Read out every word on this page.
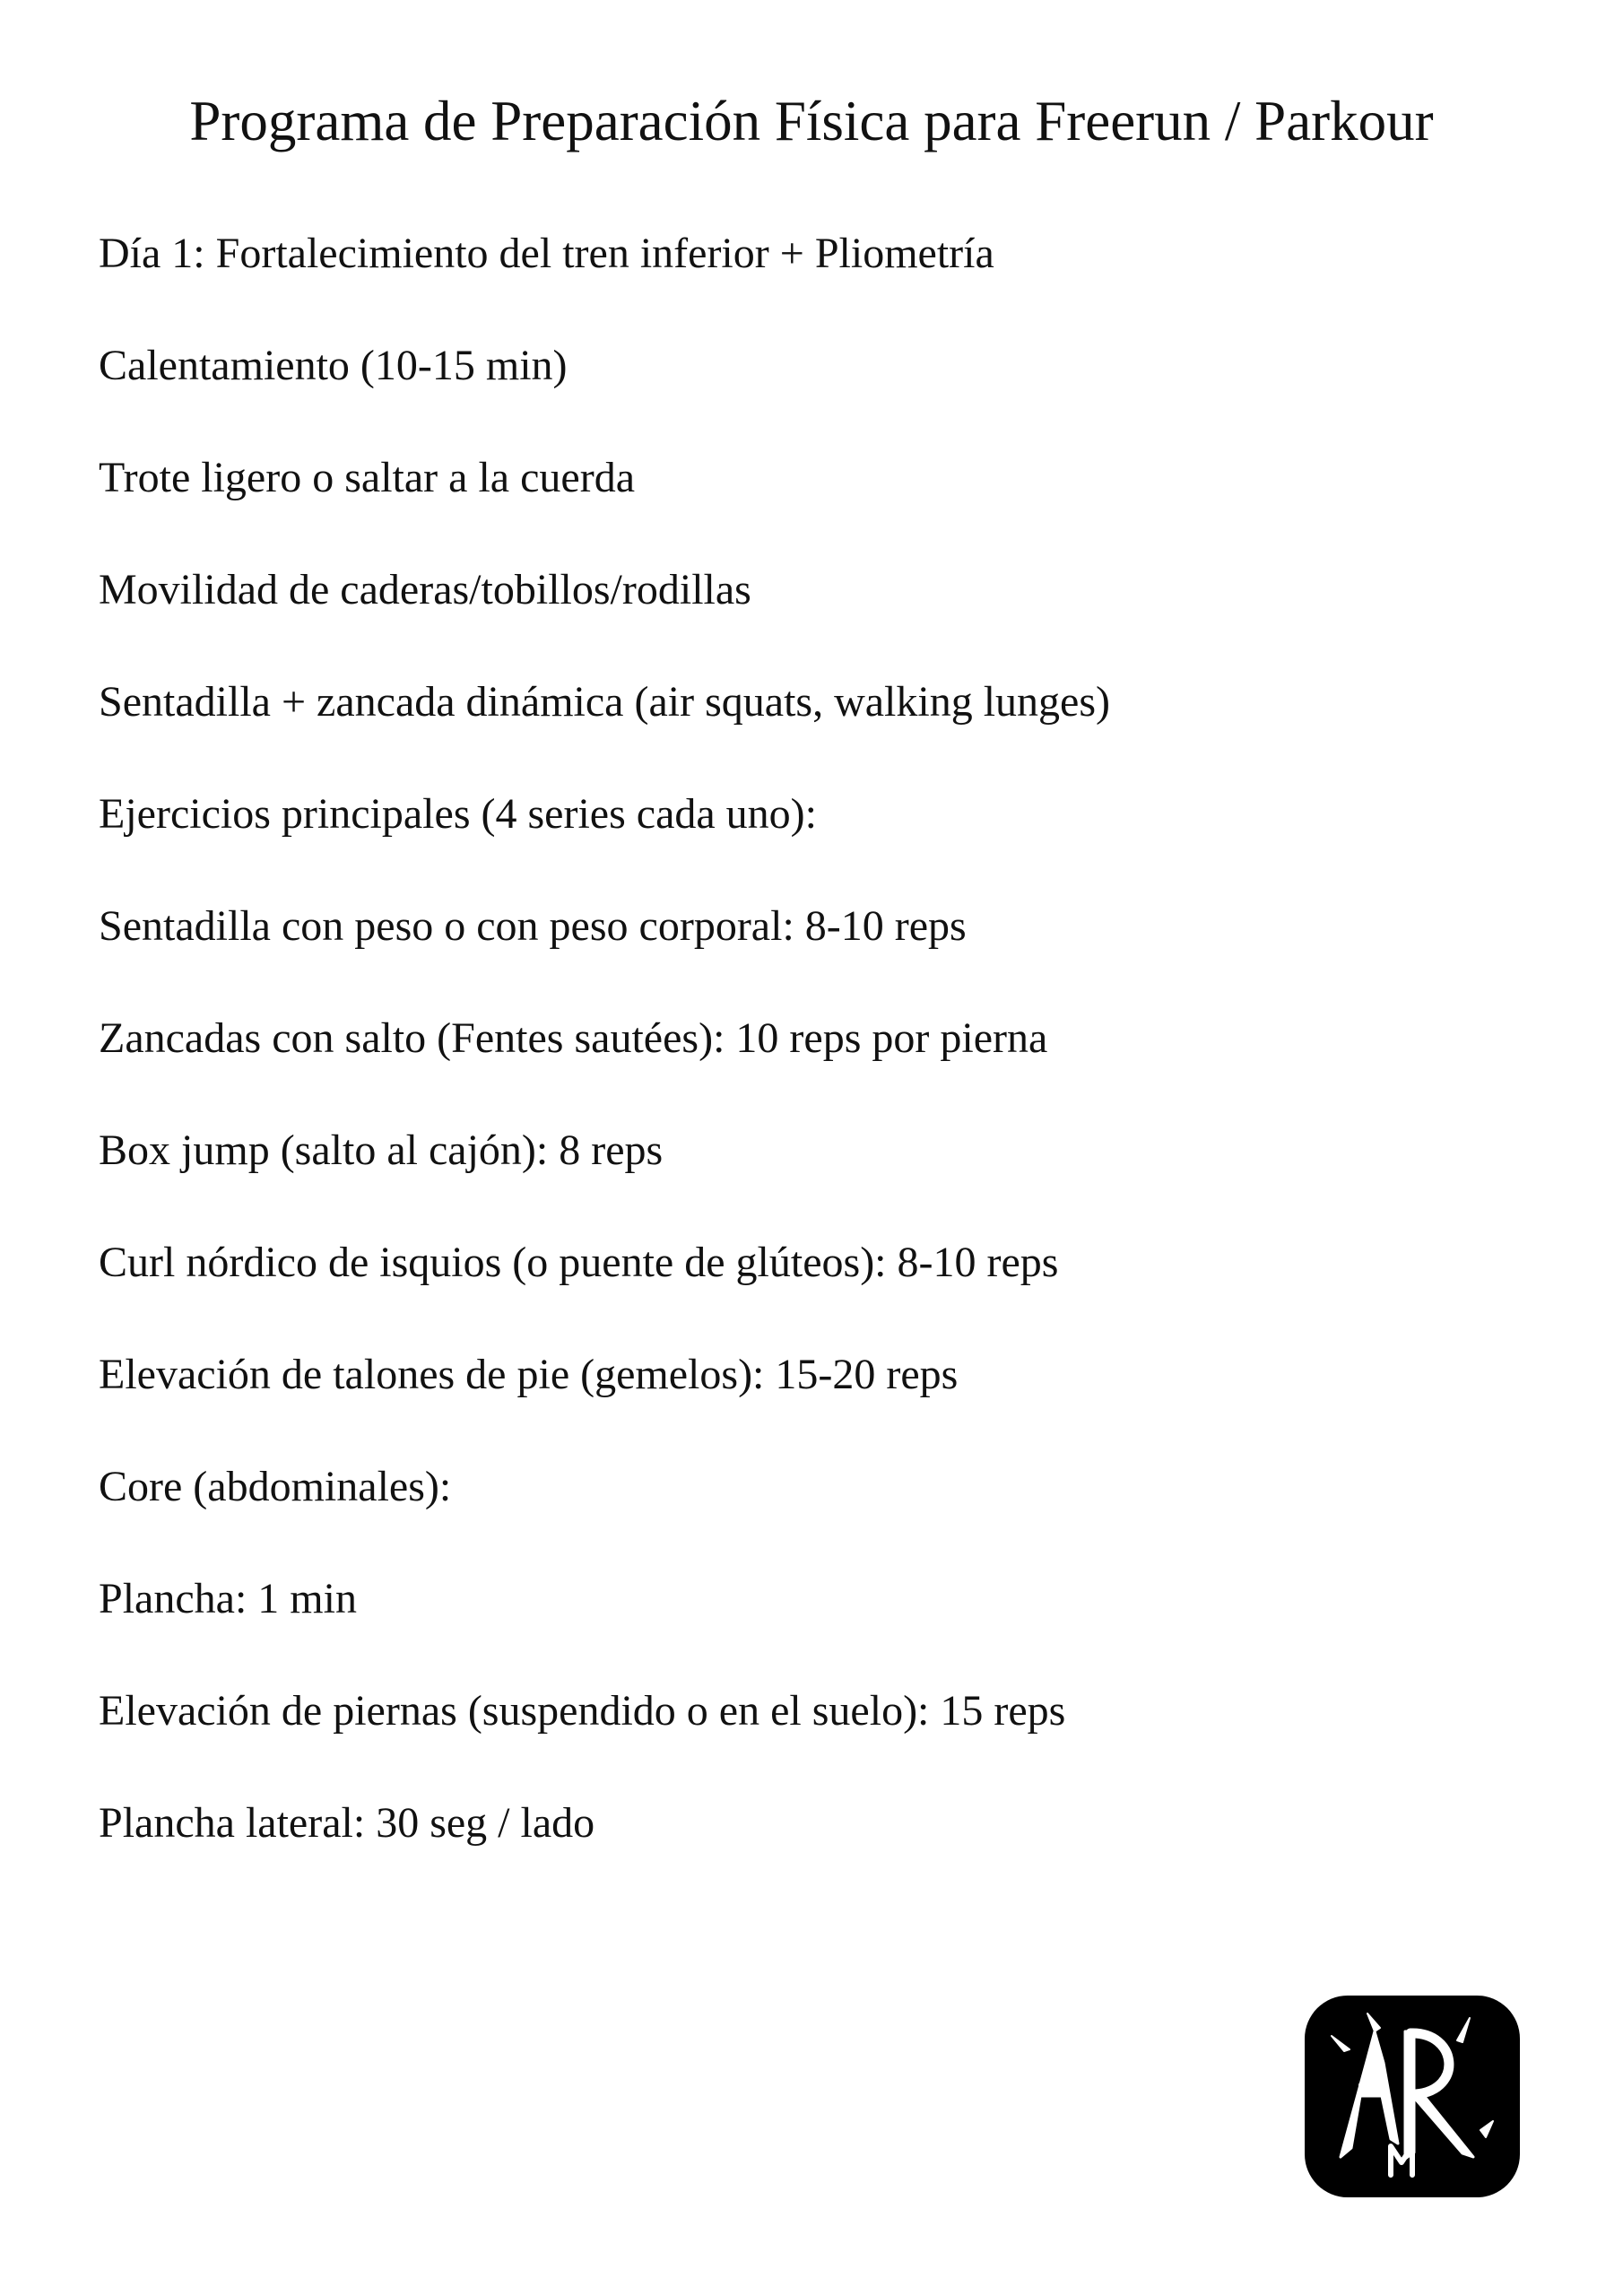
Programa de Preparación Física para Freerun / Parkour
Día 1: Fortalecimiento del tren inferior + Pliometría
Calentamiento (10-15 min)
Trote ligero o saltar a la cuerda
Movilidad de caderas/tobillos/rodillas
Sentadilla + zancada dinámica (air squats, walking lunges)
Ejercicios principales (4 series cada uno):
Sentadilla con peso o con peso corporal: 8-10 reps
Zancadas con salto (Fentes sautées): 10 reps por pierna
Box jump (salto al cajón): 8 reps
Curl nórdico de isquios (o puente de glúteos): 8-10 reps
Elevación de talones de pie (gemelos): 15-20 reps
Core (abdominales):
Plancha: 1 min
Elevación de piernas (suspendido o en el suelo): 15 reps
Plancha lateral: 30 seg / lado
